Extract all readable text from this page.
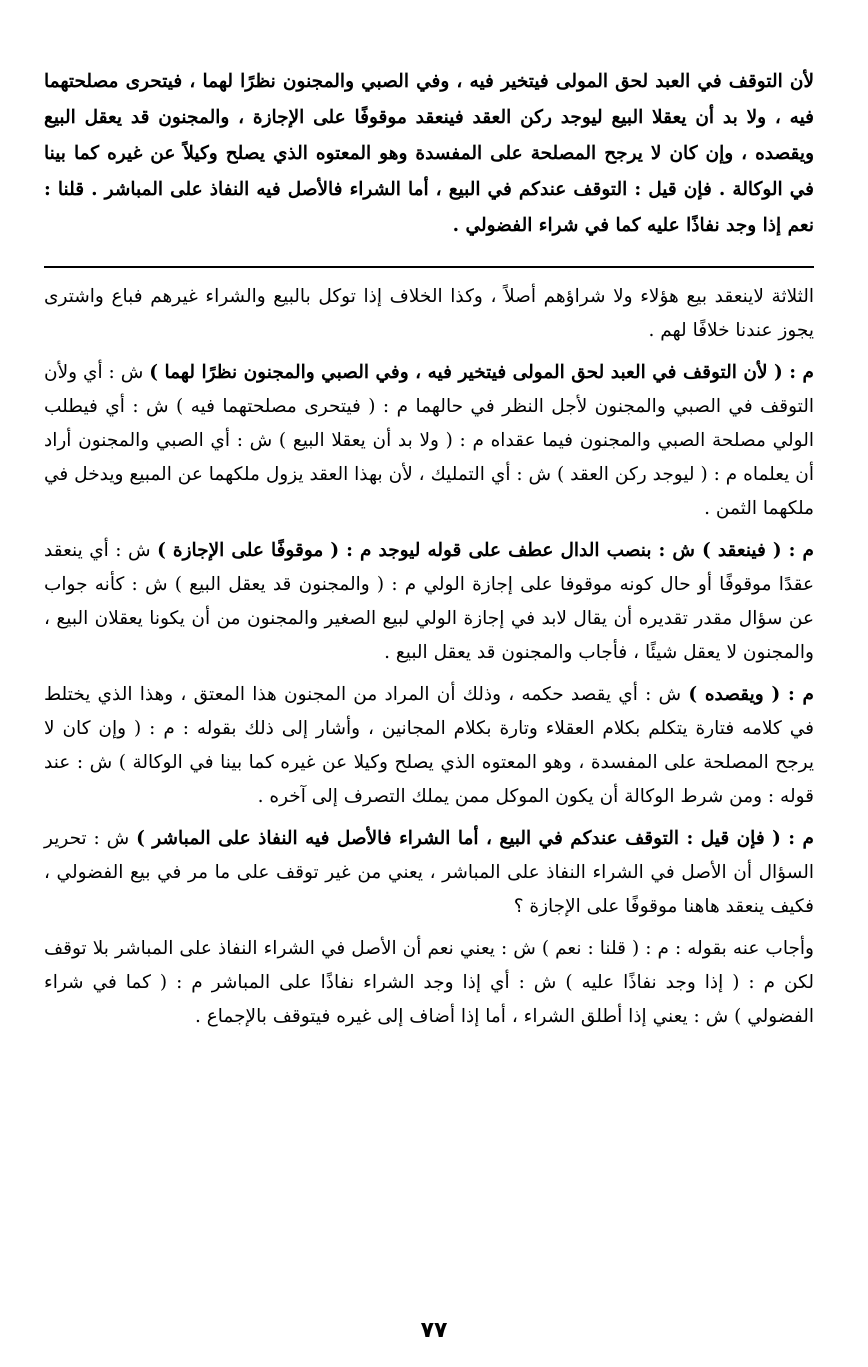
لأن التوقف في العبد لحق المولى فيتخير فيه ، وفي الصبي والمجنون نظرًا لهما ، فيتحرى مصلحتهما فيه ، ولا بد أن يعقلا البيع ليوجد ركن العقد فينعقد موقوفًا على الإجازة ، والمجنون قد يعقل البيع ويقصده ، وإن كان لا يرجح المصلحة على المفسدة وهو المعتوه الذي يصلح وكيلاً عن غيره كما بينا في الوكالة . فإن قيل : التوقف عندكم في البيع ، أما الشراء فالأصل فيه النفاذ على المباشر . قلنا : نعم إذا وجد نفاذًا عليه كما في شراء الفضولي .

الثلاثة لاينعقد بيع هؤلاء ولا شراؤهم أصلاً ، وكذا الخلاف إذا توكل بالبيع والشراء غيرهم فباع واشترى يجوز عندنا خلافًا لهم .

م : ( لأن التوقف في العبد لحق المولى فيتخير فيه ، وفي الصبي والمجنون نظرًا لهما ) ش : أي ولأن التوقف في الصبي والمجنون لأجل النظر في حالهما م : ( فيتحرى مصلحتهما فيه ) ش : أي فيطلب الولي مصلحة الصبي والمجنون فيما عقداه م : ( ولا بد أن يعقلا البيع ) ش : أي الصبي والمجنون أراد أن يعلماه م : ( ليوجد ركن العقد ) ش : أي التمليك ، لأن بهذا العقد يزول ملكهما عن المبيع ويدخل في ملكهما الثمن .

م : ( فينعقد ) ش : بنصب الدال عطف على قوله ليوجد م : ( موقوفًا على الإجازة ) ش : أي ينعقد عقدًا موقوفًا أو حال كونه موقوفا على إجازة الولي م : ( والمجنون قد يعقل البيع ) ش : كأنه جواب عن سؤال مقدر تقديره أن يقال لابد في إجازة الولي لبيع الصغير والمجنون من أن يكونا يعقلان البيع ، والمجنون لا يعقل شيئًا ، فأجاب والمجنون قد يعقل البيع .

م : ( ويقصده ) ش : أي يقصد حكمه ، وذلك أن المراد من المجنون هذا المعتق ، وهذا الذي يختلط في كلامه فتارة يتكلم بكلام العقلاء وتارة بكلام المجانين ، وأشار إلى ذلك بقوله : م : ( وإن كان لا يرجح المصلحة على المفسدة ، وهو المعتوه الذي يصلح وكيلا عن غيره كما بينا في الوكالة ) ش : عند قوله : ومن شرط الوكالة أن يكون الموكل ممن يملك التصرف إلى آخره .

م : ( فإن قيل : التوقف عندكم في البيع ، أما الشراء فالأصل فيه النفاذ على المباشر ) ش : تحرير السؤال أن الأصل في الشراء النفاذ على المباشر ، يعني من غير توقف على ما مر في بيع الفضولي ، فكيف ينعقد هاهنا موقوفًا على الإجازة ؟

وأجاب عنه بقوله : م : ( قلنا : نعم ) ش : يعني نعم أن الأصل في الشراء النفاذ على المباشر بلا توقف لكن م : ( إذا وجد نفاذًا عليه ) ش : أي إذا وجد الشراء نفاذًا على المباشر م : ( كما في شراء الفضولي ) ش : يعني إذا أطلق الشراء ، أما إذا أضاف إلى غيره فيتوقف بالإجماع .

٧٧
